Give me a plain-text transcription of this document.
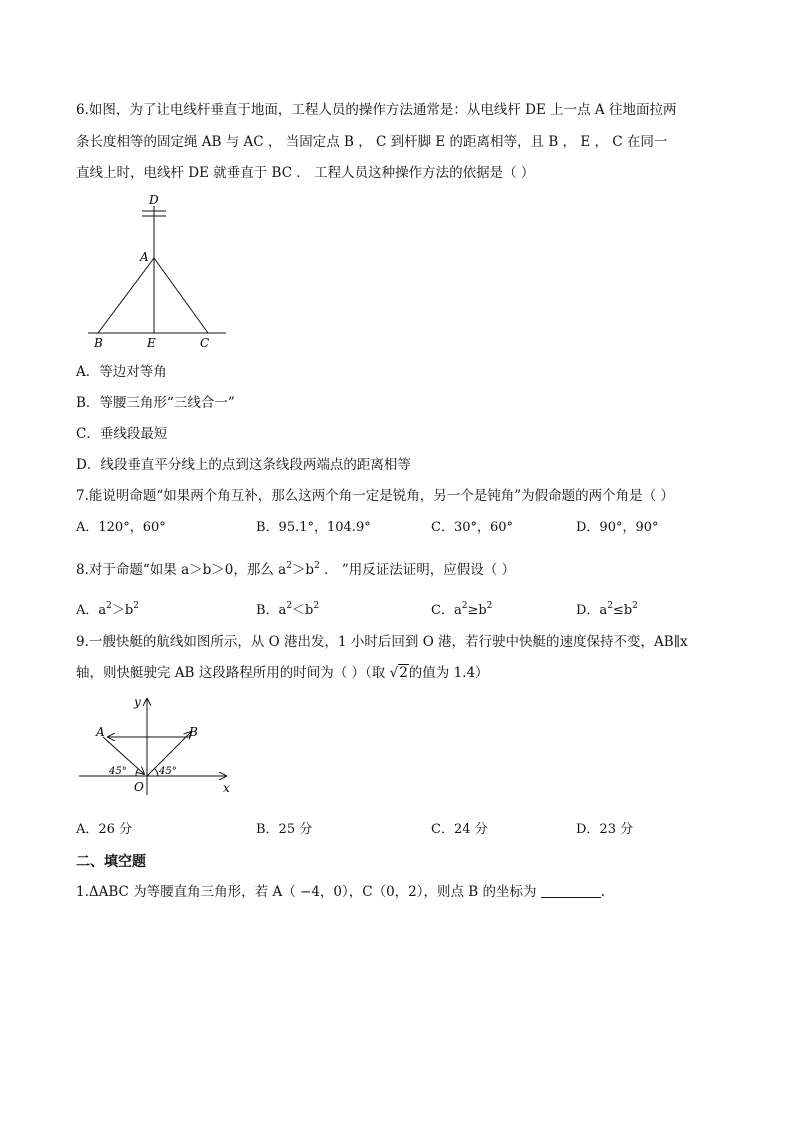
6.如图，为了让电线杆垂直于地面，工程人员的操作方法通常是：从电线杆 DE 上一点 A 往地面拉两
条长度相等的固定绳 AB 与 AC ， 当固定点 B ， C 到杆脚 E 的距离相等，且 B ， E ， C 在同一
直线上时，电线杆 DE 就垂直于 BC ． 工程人员这种操作方法的依据是（ ）
D
A
B	E	C
A．等边对等角
B．等腰三角形“三线合一”
C．垂线段最短
D．线段垂直平分线上的点到这条线段两端点的距离相等
7.能说明命题“如果两个角互补，那么这两个角一定是锐角，另一个是钝角”为假命题的两个角是（ ）
A．120°，60°	B．95.1°，104.9°	C．30°，60°	D．90°，90°
8.对于命题“如果 a＞b＞0，那么 $a^2>b^2$ ． ”用反证法证明，应假设（ ）
A．$a^2>b^2$	B．$a^2<b^2$	C．$a^2\ge b^2$	D．$a^2\le b^2$
9.一艘快艇的航线如图所示，从 O 港出发，1 小时后回到 O 港，若行驶中快艇的速度保持不变，AB∥x
轴，则快艇驶完 AB 这段路程所用的时间为（ ）（取 √2的值为 1.4）
y
x
A	B
O
45°	45°
A．26 分	B．25 分	C．24 分	D．23 分
二、填空题
1.ΔABC 为等腰直角三角形，若 A（ −4，0），C（0，2），则点 B 的坐标为	.
